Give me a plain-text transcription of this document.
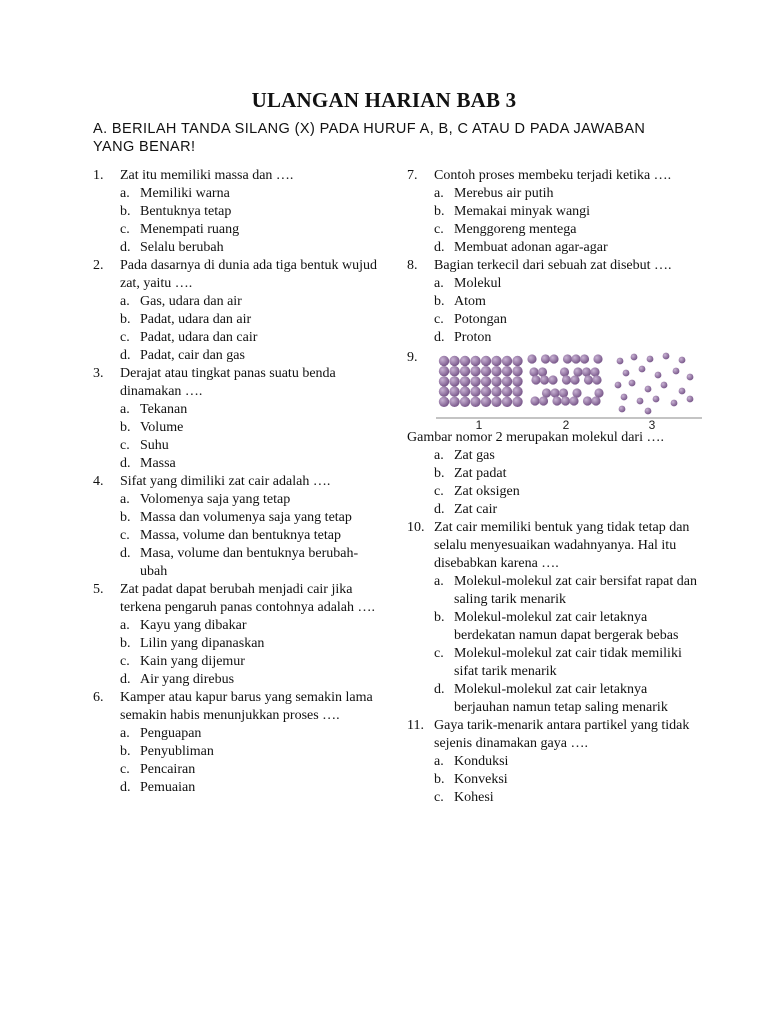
ULANGAN HARIAN BAB 3
A. BERILAH TANDA SILANG (X) PADA HURUF A, B, C ATAU D PADA JAWABAN YANG BENAR!
1. Zat itu memiliki massa dan ….
a. Memiliki warna
b. Bentuknya tetap
c. Menempati ruang
d. Selalu berubah
2. Pada dasarnya di dunia ada tiga bentuk wujud zat, yaitu ….
a. Gas, udara dan air
b. Padat, udara dan air
c. Padat, udara dan cair
d. Padat, cair dan gas
3. Derajat atau tingkat panas suatu benda dinamakan ….
a. Tekanan
b. Volume
c. Suhu
d. Massa
4. Sifat yang dimiliki zat cair adalah ….
a. Volomenya saja yang tetap
b. Massa dan volumenya saja yang tetap
c. Massa, volume dan bentuknya tetap
d. Masa, volume dan bentuknya berubah-ubah
5. Zat padat dapat berubah menjadi cair jika terkena pengaruh panas contohnya adalah ….
a. Kayu yang dibakar
b. Lilin yang dipanaskan
c. Kain yang dijemur
d. Air yang direbus
6. Kamper atau kapur barus yang semakin lama semakin habis menunjukkan proses ….
a. Penguapan
b. Penyubliman
c. Pencairan
d. Pemuaian
7. Contoh proses membeku terjadi ketika ….
a. Merebus air putih
b. Memakai minyak wangi
c. Menggoreng mentega
d. Membuat adonan agar-agar
8. Bagian terkecil dari sebuah zat disebut ….
a. Molekul
b. Atom
c. Potongan
d. Proton
9.
1	2	3
Gambar nomor 2 merupakan molekul dari ….
a. Zat gas
b. Zat padat
c. Zat oksigen
d. Zat cair
10. Zat cair memiliki bentuk yang tidak tetap dan selalu menyesuaikan wadahnyanya. Hal itu disebabkan karena ….
a. Molekul-molekul zat cair bersifat rapat dan saling tarik menarik
b. Molekul-molekul zat cair letaknya berdekatan namun dapat bergerak bebas
c. Molekul-molekul zat cair tidak memiliki sifat tarik menarik
d. Molekul-molekul zat cair letaknya berjauhan namun tetap saling menarik
11. Gaya tarik-menarik antara partikel yang tidak sejenis dinamakan gaya ….
a. Konduksi
b. Konveksi
c. Kohesi
